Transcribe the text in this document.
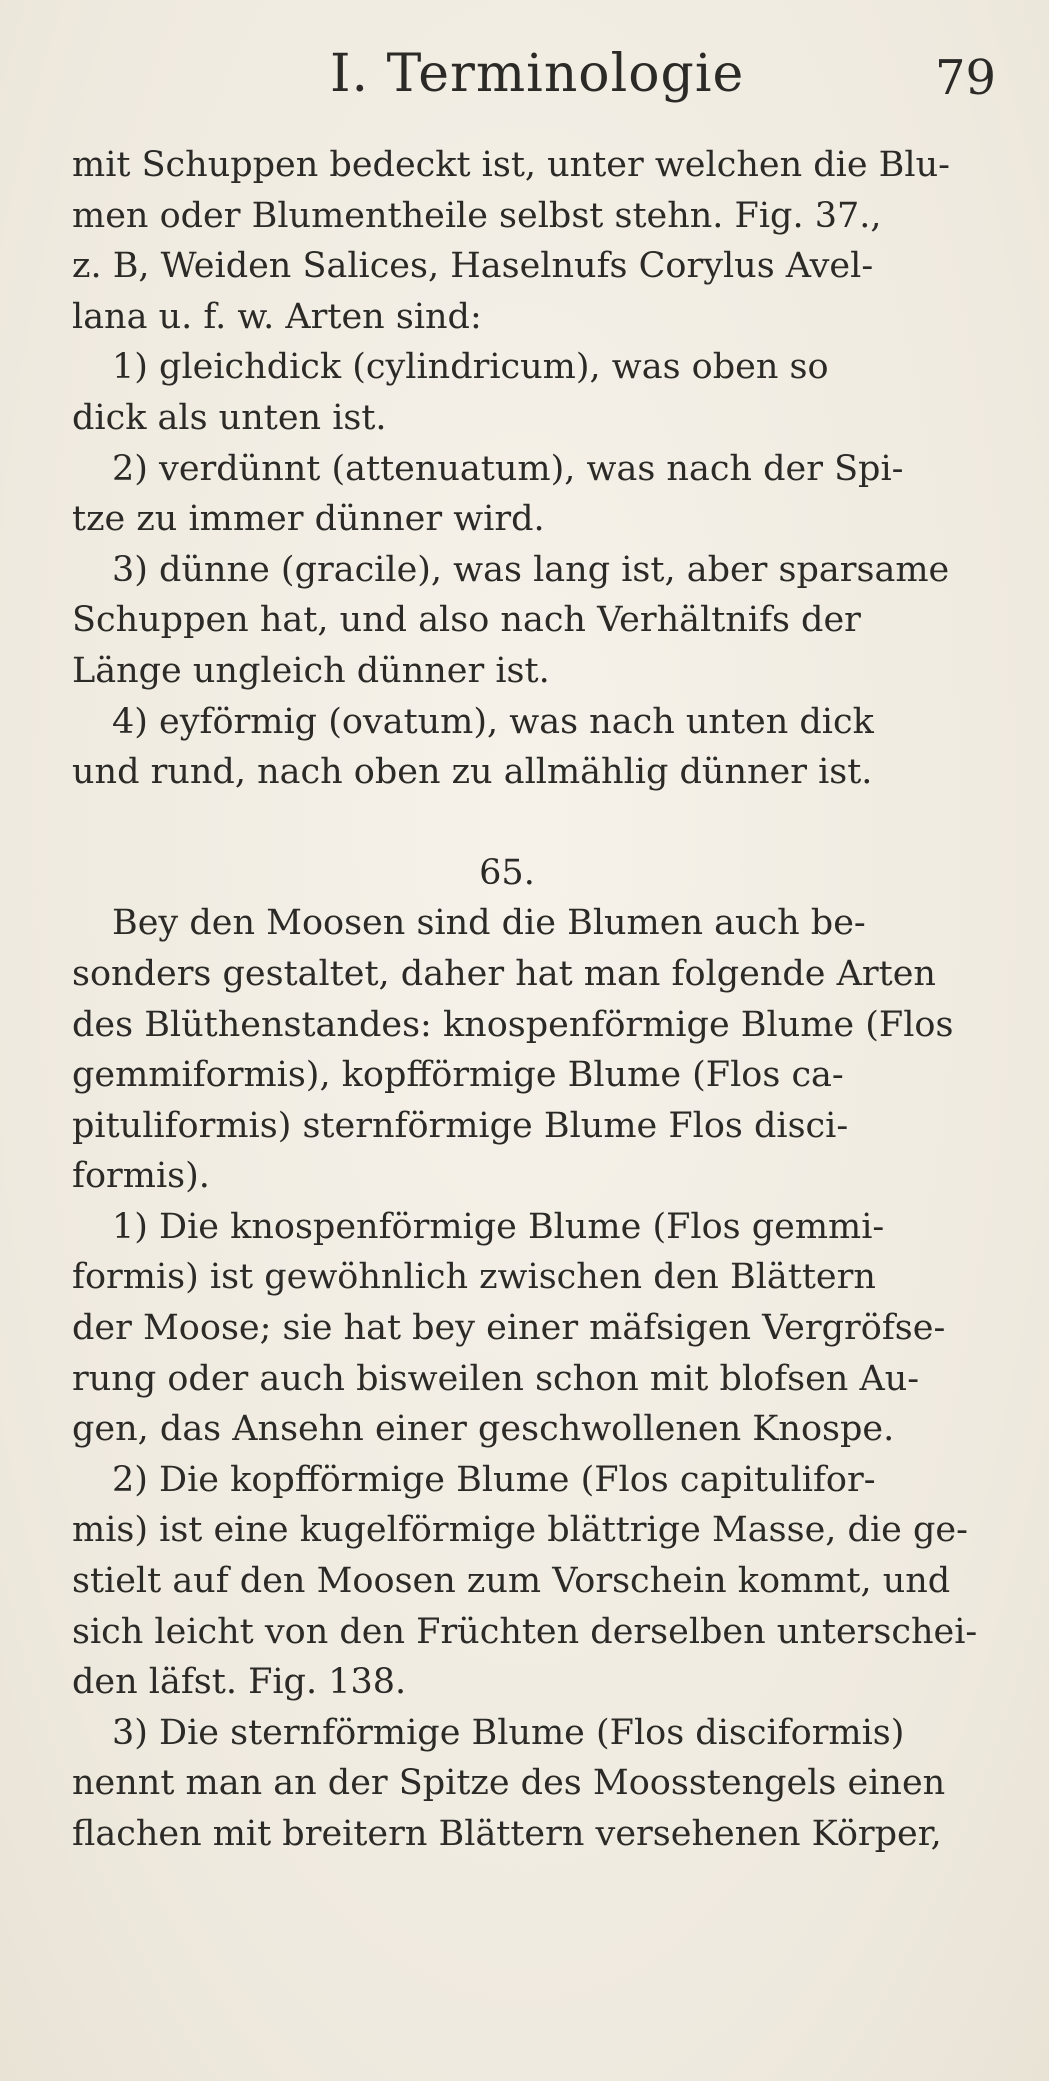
I. Terminologie	79
mit Schuppen bedeckt ist, unter welchen die Blu-
men oder Blumentheile selbst stehn. Fig. 37.,
z. B, Weiden Salices, Haselnufs Corylus Avel-
lana u. f. w. Arten sind:
1) gleichdick (cylindricum), was oben so
dick als unten ist.
2) verdünnt (attenuatum), was nach der Spi-
tze zu immer dünner wird.
3) dünne (gracile), was lang ist, aber sparsame
Schuppen hat, und also nach Verhältnifs der
Länge ungleich dünner ist.
4) eyförmig (ovatum), was nach unten dick
und rund, nach oben zu allmählig dünner ist.
65.
Bey den Moosen sind die Blumen auch be-
sonders gestaltet, daher hat man folgende Arten
des Blüthenstandes: knospenförmige Blume (Flos
gemmiformis), kopfförmige Blume (Flos ca-
pituliformis) sternförmige Blume Flos disci-
formis).
1) Die knospenförmige Blume (Flos gemmi-
formis) ist gewöhnlich zwischen den Blättern
der Moose; sie hat bey einer mäfsigen Vergröfse-
rung oder auch bisweilen schon mit blofsen Au-
gen, das Ansehn einer geschwollenen Knospe.
2) Die kopfförmige Blume (Flos capitulifor-
mis) ist eine kugelförmige blättrige Masse, die ge-
stielt auf den Moosen zum Vorschein kommt, und
sich leicht von den Früchten derselben unterschei-
den läfst. Fig. 138.
3) Die sternförmige Blume (Flos disciformis)
nennt man an der Spitze des Moosstengels einen
flachen mit breitern Blättern versehenen Körper,
